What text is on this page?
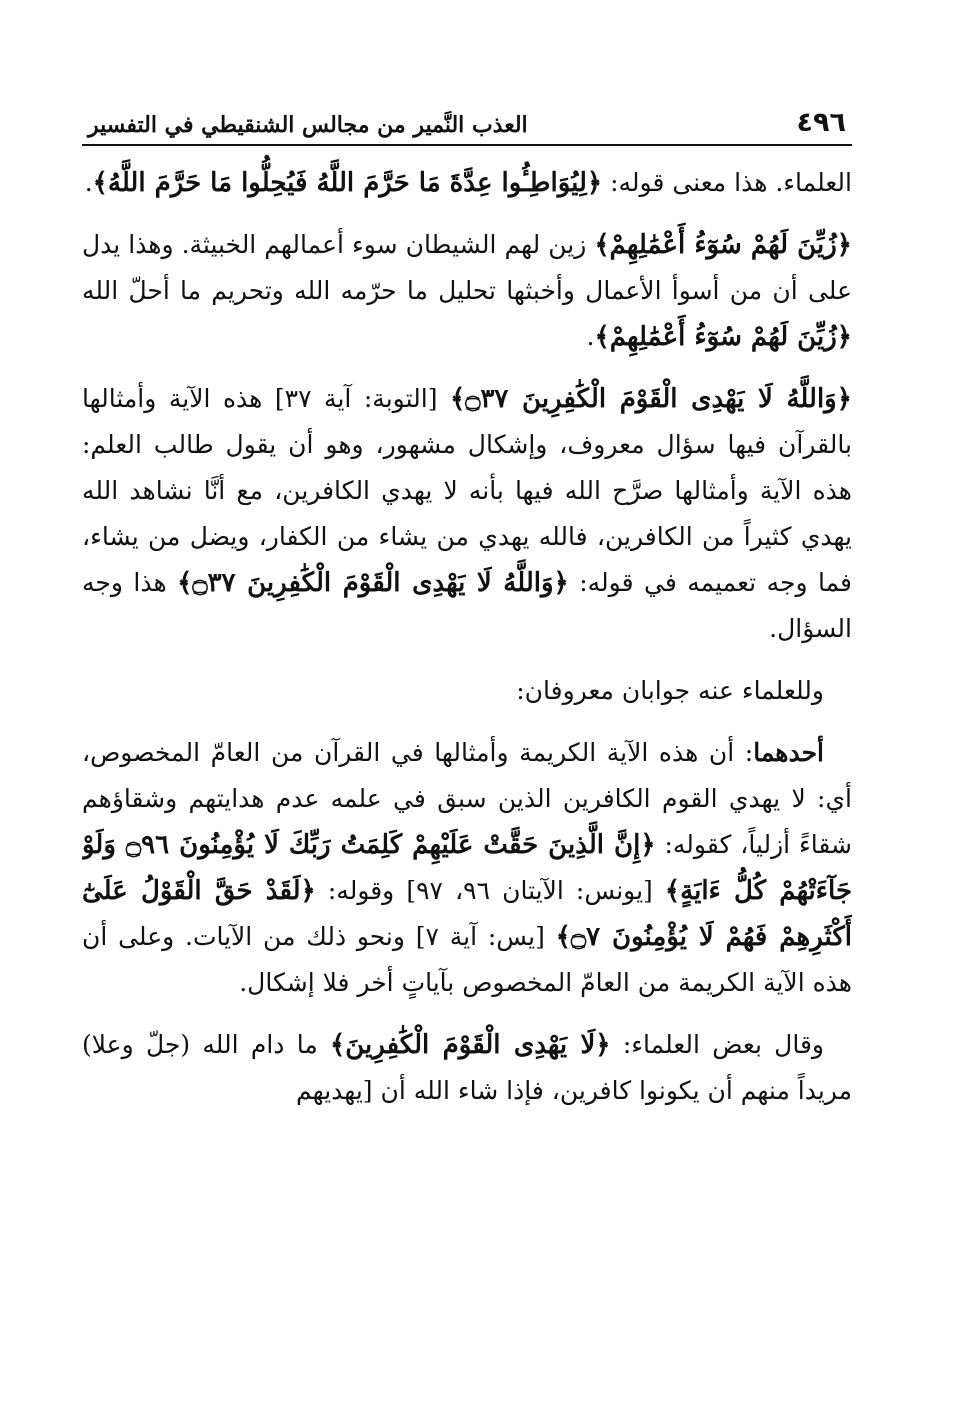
٤٩٦
العذب النَّمير من مجالس الشنقيطي في التفسير

العلماء. هذا معنى قوله: ﴿لِيُوَاطِـُٔوا عِدَّةَ مَا حَرَّمَ اللَّهُ فَيُحِلُّوا مَا حَرَّمَ اللَّهُ﴾.

﴿زُيِّنَ لَهُمْ سُوٓءُ أَعْمَٰلِهِمْ﴾ زين لهم الشيطان سوء أعمالهم الخبيثة. وهذا يدل على أن من أسوأ الأعمال وأخبثها تحليل ما حرّمه الله وتحريم ما أحلّ الله ﴿زُيِّنَ لَهُمْ سُوٓءُ أَعْمَٰلِهِمْ﴾.

﴿وَاللَّهُ لَا يَهْدِى الْقَوْمَ الْكَٰفِرِينَ ۝٣٧﴾ [التوبة: آية ٣٧] هذه الآية وأمثالها بالقرآن فيها سؤال معروف، وإشكال مشهور، وهو أن يقول طالب العلم: هذه الآية وأمثالها صرَّح الله فيها بأنه لا يهدي الكافرين، مع أنَّا نشاهد الله يهدي كثيراً من الكافرين، فالله يهدي من يشاء من الكفار، ويضل من يشاء، فما وجه تعميمه في قوله: ﴿وَاللَّهُ لَا يَهْدِى الْقَوْمَ الْكَٰفِرِينَ ۝٣٧﴾ هذا وجه السؤال.

وللعلماء عنه جوابان معروفان:

أحدهما: أن هذه الآية الكريمة وأمثالها في القرآن من العامّ المخصوص، أي: لا يهدي القوم الكافرين الذين سبق في علمه عدم هدايتهم وشقاؤهم شقاءً أزلياً، كقوله: ﴿إِنَّ الَّذِينَ حَقَّتْ عَلَيْهِمْ كَلِمَتُ رَبِّكَ لَا يُؤْمِنُونَ ۝٩٦ وَلَوْ جَآءَتْهُمْ كُلُّ ءَايَةٍ﴾ [يونس: الآيتان ٩٦، ٩٧] وقوله: ﴿لَقَدْ حَقَّ الْقَوْلُ عَلَىٰٓ أَكْثَرِهِمْ فَهُمْ لَا يُؤْمِنُونَ ۝٧﴾ [يس: آية ٧] ونحو ذلك من الآيات. وعلى أن هذه الآية الكريمة من العامّ المخصوص بآياتٍ أخر فلا إشكال.

وقال بعض العلماء: ﴿لَا يَهْدِى الْقَوْمَ الْكَٰفِرِينَ﴾ ما دام الله (جلّ وعلا) مريداً منهم أن يكونوا كافرين، فإذا شاء الله أن [يهديهم
